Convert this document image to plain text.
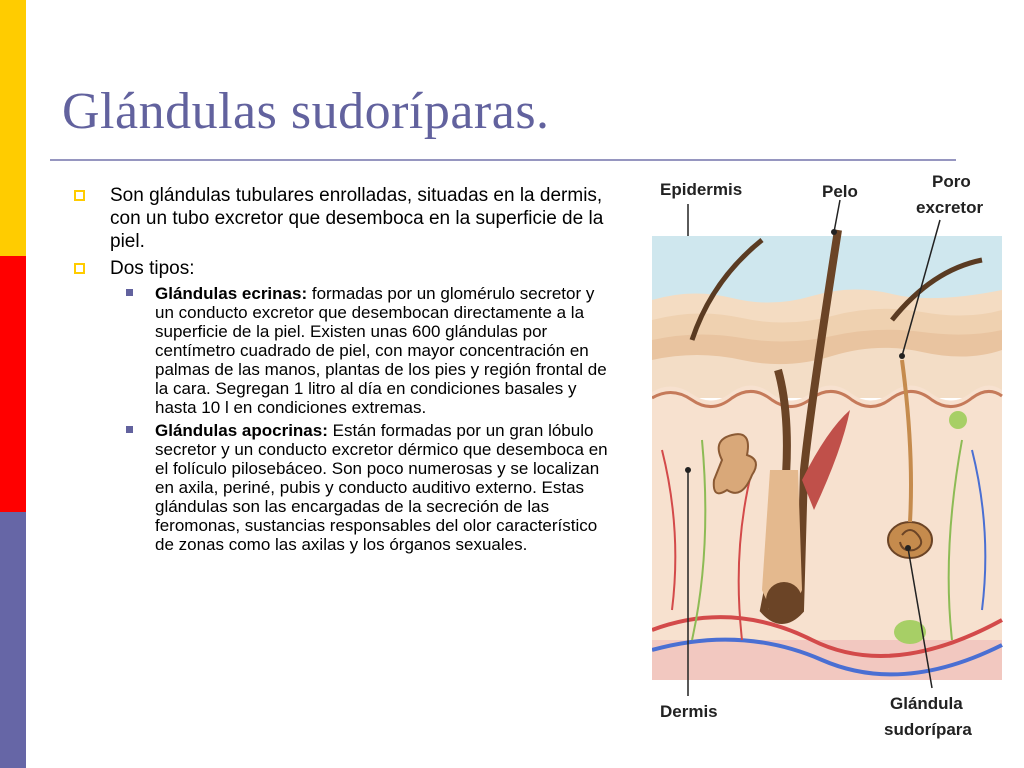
Glándulas sudoríparas.
Son glándulas tubulares enrolladas, situadas en la dermis, con un tubo excretor que desemboca en la superficie de la piel.
Dos tipos:
Glándulas ecrinas: formadas por un glomérulo secretor y un conducto excretor que desembocan directamente a la superficie de la piel. Existen unas 600 glándulas por centímetro cuadrado de piel, con mayor concentración en palmas de las manos, plantas de los pies y región frontal de la cara. Segregan 1 litro al día en condiciones basales y hasta 10 l en condiciones extremas.
Glándulas apocrinas: Están formadas por un gran lóbulo secretor y un conducto excretor dérmico que desemboca en el folículo pilosebáceo. Son poco numerosas y se localizan en axila, periné, pubis y conducto auditivo externo. Estas glándulas son las encargadas de la secreción de las feromonas, sustancias responsables del olor característico de zonas como las axilas y los órganos sexuales.
Epidermis	Pelo
Poro
excretor
Dermis	Glándula
sudorípara
